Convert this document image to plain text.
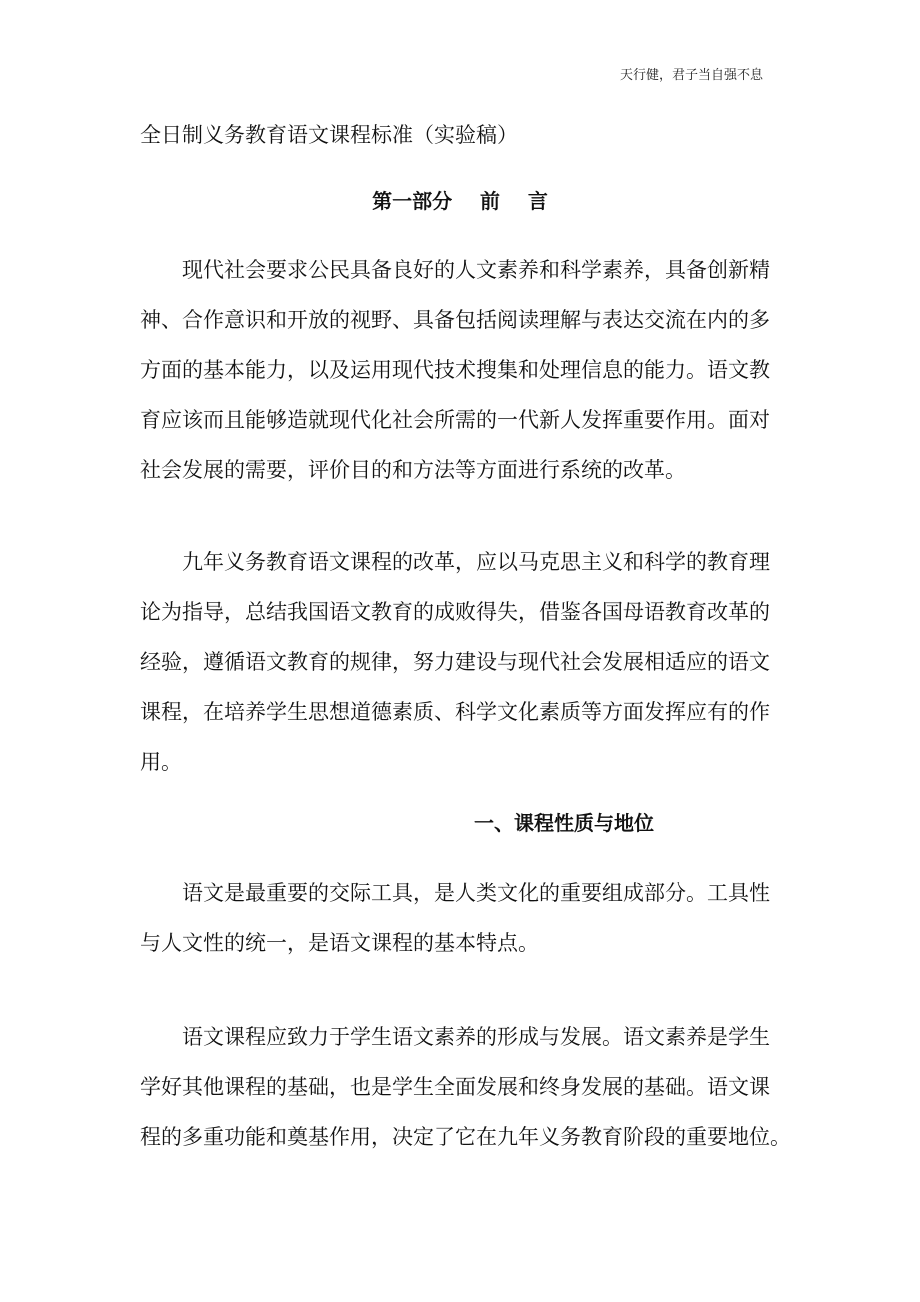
天行健，君子当自强不息
全日制义务教育语文课程标准（实验稿）
第一部分    前    言
现代社会要求公民具备良好的人文素养和科学素养，具备创新精
神、合作意识和开放的视野、具备包括阅读理解与表达交流在内的多
方面的基本能力，以及运用现代技术搜集和处理信息的能力。语文教
育应该而且能够造就现代化社会所需的一代新人发挥重要作用。面对
社会发展的需要，评价目的和方法等方面进行系统的改革。
九年义务教育语文课程的改革，应以马克思主义和科学的教育理
论为指导，总结我国语文教育的成败得失，借鉴各国母语教育改革的
经验，遵循语文教育的规律，努力建设与现代社会发展相适应的语文
课程，在培养学生思想道德素质、科学文化素质等方面发挥应有的作
用。
一、课程性质与地位
语文是最重要的交际工具，是人类文化的重要组成部分。工具性
与人文性的统一，是语文课程的基本特点。
语文课程应致力于学生语文素养的形成与发展。语文素养是学生
学好其他课程的基础，也是学生全面发展和终身发展的基础。语文课
程的多重功能和奠基作用，决定了它在九年义务教育阶段的重要地位。
